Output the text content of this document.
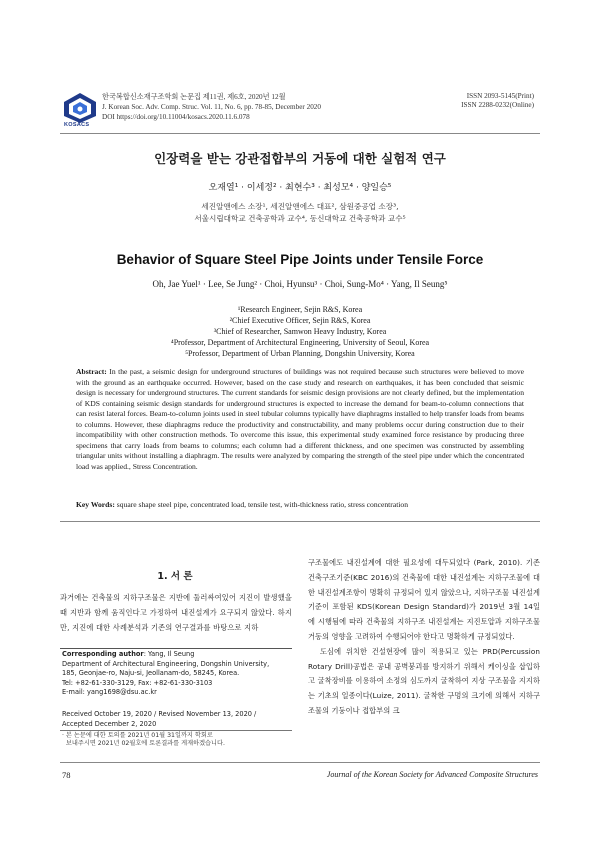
KOSACS
한국복합신소재구조학회 논문집 제11권, 제6호, 2020년 12월
J. Korean Soc. Adv. Comp. Struc. Vol. 11, No. 6, pp. 78-85, December 2020
DOI https://doi.org/10.11004/kosacs.2020.11.6.078
ISSN 2093-5145(Print)
ISSN 2288-0232(Online)
인장력을 받는 강관접합부의 거동에 대한 실험적 연구
오재열¹ · 이세정² · 최현수³ · 최성모⁴ · 양일승⁵
세진알앤에스 소장¹, 세진알앤에스 대표², 삼원중공업 소장³,
서울시립대학교 건축공학과 교수⁴, 동신대학교 건축공학과 교수⁵
Behavior of Square Steel Pipe Joints under Tensile Force
Oh, Jae Yuel¹ · Lee, Se Jung² · Choi, Hyunsu³ · Choi, Sung-Mo⁴ · Yang, Il Seung⁵
¹Research Engineer, Sejin R&S, Korea
²Chief Executive Officer, Sejin R&S, Korea
³Chief of Researcher, Samwon Heavy Industry, Korea
⁴Professor, Department of Architectural Engineering, University of Seoul, Korea
⁵Professor, Department of Urban Planning, Dongshin University, Korea
Abstract: In the past, a seismic design for underground structures of buildings was not required because such structures were believed to move with the ground as an earthquake occurred. However, based on the case study and research on earthquakes, it has been concluded that seismic design is necessary for underground structures. The current standards for seismic design provisions are not clearly defined, but the implementation of KDS containing seismic design standards for underground structures is expected to increase the demand for beam-to-column connections that can resist lateral forces. Beam-to-column joints used in steel tubular columns typically have diaphragms installed to help transfer loads from beams to columns. However, these diaphragms reduce the productivity and constructability, and many problems occur during construction due to their incompatibility with other construction methods. To overcome this issue, this experimental study examined force resistance by producing three specimens that carry loads from beams to columns; each column had a different thickness, and one specimen was constructed by assembling triangular units without installing a diaphragm. The results were analyzed by comparing the strength of the steel pipe under which the concentrated load was applied., Stress Concentration.
Key Words: square shape steel pipe, concentrated load, tensile test, with-thickness ratio, stress concentration
1. 서 론
과거에는 건축물의 지하구조물은 지반에 둘러싸여있어 지진이 발생했을 때 지반과 함께 움직인다고 가정하여 내진설계가 요구되지 않았다. 하지만, 지진에 대한 사례분석과 기존의 연구결과를 바탕으로 지하

Corresponding author: Yang, Il Seung

Department of Architectural Engineering, Dongshin University,

185, Geonjae-ro, Naju-si, Jeollanam-do, 58245, Korea.

Tel: +82-61-330-3129, Fax: +82-61-330-3103

E-mail: yang1698@dsu.ac.kr

Received October 19, 2020 / Revised November 13, 2020 /

Accepted December 2, 2020

· 본 논문에 대한 토의를 2021년 01월 31일까지 학회로

보내주시면 2021년 02월호에 토론결과를 게재하겠습니다.

구조물에도 내진설계에 대한 필요성에 대두되었다 (Park, 2010). 기존 건축구조기준(KBC 2016)의 건축물에 대한 내진설계는 지하구조물에 대한 내진설계조항이 명확히 규정되어 있지 않았으나, 지하구조물 내진설계 기준이 포함된 KDS(Korean Design Standard)가 2019년 3월 14일에 시행됨에 따라 건축물의 지하구조 내진설계는 지진토압과 지하구조물 거동의 영향을 고려하여 수행되어야 한다고 명확하게 규정되었다.

도심에 위치한 건설현장에 많이 적용되고 있는 PRD(Percussion Rotary Drill)공법은 공내 공벽붕괴를 방지하기 위해서 케이싱을 삽입하고 굴착장비를 이용하여 소정의 심도까지 굴착하여 지상 구조물을 지지하는 기초의 일종이다(Luize, 2011). 굴착한 구멍의 크기에 의해서 지하구조물의 기둥이나 접합부의 크

78	Journal of the Korean Society for Advanced Composite Structures
